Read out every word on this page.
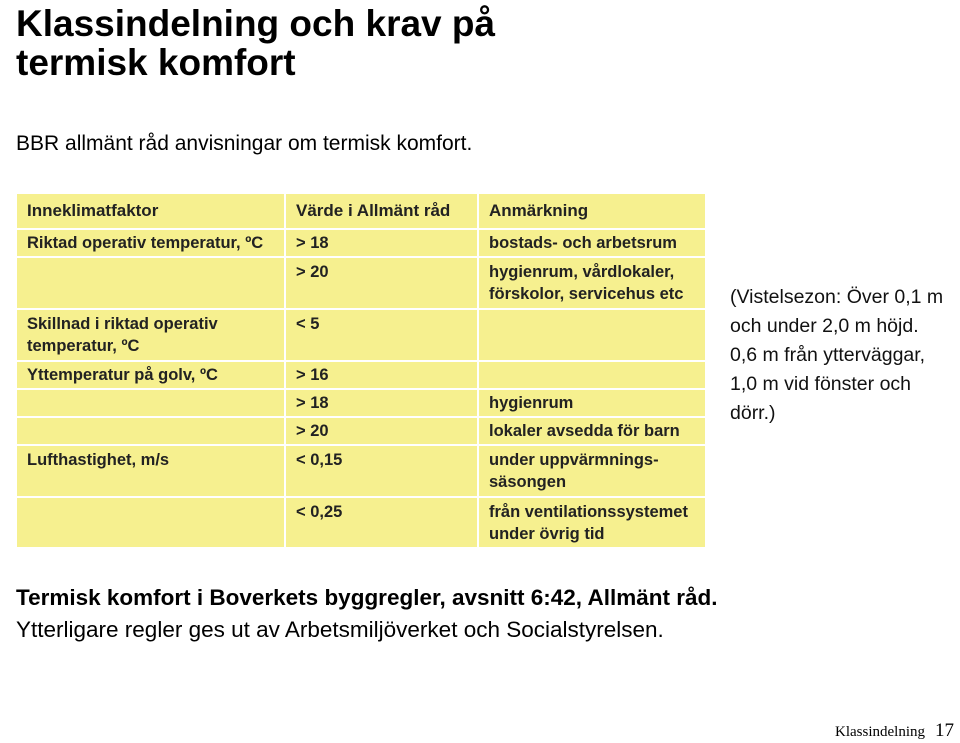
Klassindelning och krav på
termisk komfort
BBR allmänt råd anvisningar om termisk komfort.
Inneklimatfaktor	Värde i Allmänt råd	Anmärkning
Riktad operativ temperatur, ºC	> 18	bostads- och arbetsrum
	> 20	hygienrum, vårdlokaler, förskolor, servicehus etc
Skillnad i riktad operativ temperatur, ºC	< 5	
Yttemperatur på golv, ºC	> 16	
	> 18	hygienrum
	> 20	lokaler avsedda för barn
Lufthastighet, m/s	< 0,15	under uppvärmnings-säsongen
	< 0,25	från ventilationssystemet under övrig tid
(Vistelsezon: Över 0,1 m och under 2,0 m höjd. 0,6 m från ytterväggar, 1,0 m vid fönster och dörr.)
Termisk komfort i Boverkets byggregler, avsnitt 6:42, Allmänt råd.
Ytterligare regler ges ut av Arbetsmiljöverket och Socialstyrelsen.
Klassindelning 17
